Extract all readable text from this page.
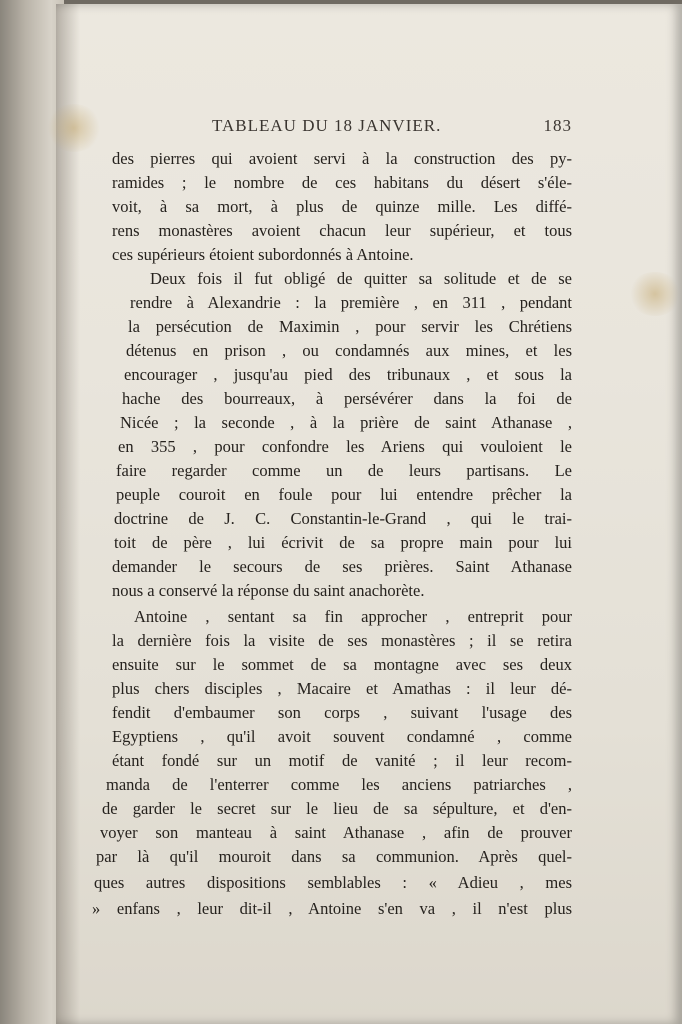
TABLEAU DU 18 JANVIER.	183
des pierres qui avoient servi à la construction des py-
ramides ; le nombre de ces habitans du désert s'éle-
voit, à sa mort, à plus de quinze mille. Les diffé-
rens monastères avoient chacun leur supérieur, et tous
ces supérieurs étoient subordonnés à Antoine.
Deux fois il fut obligé de quitter sa solitude et de se
rendre à Alexandrie : la première , en 311 , pendant
la persécution de Maximin , pour servir les Chrétiens
détenus en prison , ou condamnés aux mines, et les
encourager , jusqu'au pied des tribunaux , et sous la
hache des bourreaux, à persévérer dans la foi de
Nicée ; la seconde , à la prière de saint Athanase ,
en 355 , pour confondre les Ariens qui vouloient le
faire regarder comme un de leurs partisans. Le
peuple couroit en foule pour lui entendre prêcher la
doctrine de J. C. Constantin-le-Grand , qui le trai-
toit de père , lui écrivit de sa propre main pour lui
demander le secours de ses prières. Saint Athanase
nous a conservé la réponse du saint anachorète.
Antoine , sentant sa fin approcher , entreprit pour
la dernière fois la visite de ses monastères ; il se retira
ensuite sur le sommet de sa montagne avec ses deux
plus chers disciples , Macaire et Amathas : il leur dé-
fendit d'embaumer son corps , suivant l'usage des
Egyptiens , qu'il avoit souvent condamné , comme
étant fondé sur un motif de vanité ; il leur recom-
manda de l'enterrer comme les anciens patriarches ,
de garder le secret sur le lieu de sa sépulture, et d'en-
voyer son manteau à saint Athanase , afin de prouver
par là qu'il mouroit dans sa communion. Après quel-
ques autres dispositions semblables : « Adieu , mes
» enfans , leur dit-il , Antoine s'en va , il n'est plus
